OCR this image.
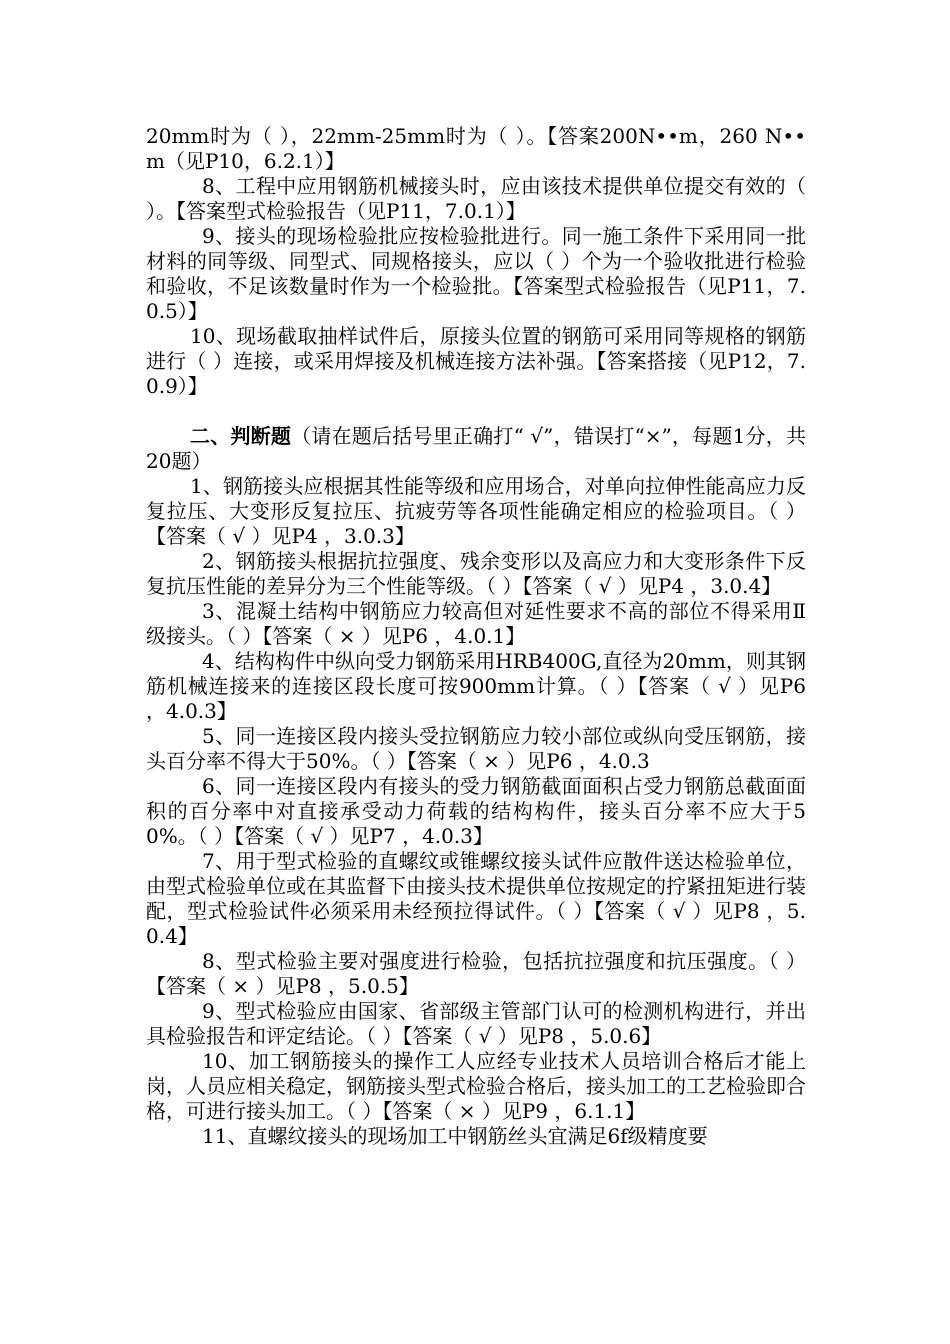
20mm时为（ ），22mm-25mm时为（ ）。【答案200N••m，260 N••m（见P10，6.2.1）】

8、工程中应用钢筋机械接头时，应由该技术提供单位提交有效的（ ）。【答案型式检验报告（见P11，7.0.1）】

9、接头的现场检验批应按检验批进行。同一施工条件下采用同一批材料的同等级、同型式、同规格接头，应以（ ）个为一个验收批进行检验和验收，不足该数量时作为一个检验批。【答案型式检验报告（见P11，7.0.5）】

10、现场截取抽样试件后，原接头位置的钢筋可采用同等规格的钢筋进行（ ）连接，或采用焊接及机械连接方法补强。【答案搭接（见P12，7.0.9）】

二、判断题（请在题后括号里正确打“ √”，错误打“×”，每题1分，共20题）

1、钢筋接头应根据其性能等级和应用场合，对单向拉伸性能高应力反复拉压、大变形反复拉压、抗疲劳等各项性能确定相应的检验项目。（ ）【答案（ √ ）见P4 ，3.0.3】

2、钢筋接头根据抗拉强度、残余变形以及高应力和大变形条件下反复抗压性能的差异分为三个性能等级。（ ）【答案（ √ ）见P4 ，3.0.4】

3、混凝土结构中钢筋应力较高但对延性要求不高的部位不得采用Ⅱ级接头。（ ）【答案（ × ）见P6 ，4.0.1】

4、结构构件中纵向受力钢筋采用HRB400G,直径为20mm，则其钢筋机械连接来的连接区段长度可按900mm计算。（ ）【答案（ √ ）见P6 ，4.0.3】

5、同一连接区段内接头受拉钢筋应力较小部位或纵向受压钢筋，接头百分率不得大于50%。（ ）【答案（ × ）见P6 ，4.0.3

6、同一连接区段内有接头的受力钢筋截面面积占受力钢筋总截面面积的百分率中对直接承受动力荷载的结构构件，接头百分率不应大于50%。（ ）【答案（ √ ）见P7 ，4.0.3】

7、用于型式检验的直螺纹或锥螺纹接头试件应散件送达检验单位，由型式检验单位或在其监督下由接头技术提供单位按规定的拧紧扭矩进行装配，型式检验试件必须采用未经预拉得试件。（ ）【答案（ √ ）见P8 ，5.0.4】

8、型式检验主要对强度进行检验，包括抗拉强度和抗压强度。（ ）【答案（ × ）见P8 ，5.0.5】

9、型式检验应由国家、省部级主管部门认可的检测机构进行，并出具检验报告和评定结论。（ ）【答案（ √ ）见P8 ，5.0.6】

10、加工钢筋接头的操作工人应经专业技术人员培训合格后才能上岗，人员应相关稳定，钢筋接头型式检验合格后，接头加工的工艺检验即合格，可进行接头加工。（ ）【答案（ × ）见P9 ，6.1.1】

11、直螺纹接头的现场加工中钢筋丝头宜满足6f级精度要
